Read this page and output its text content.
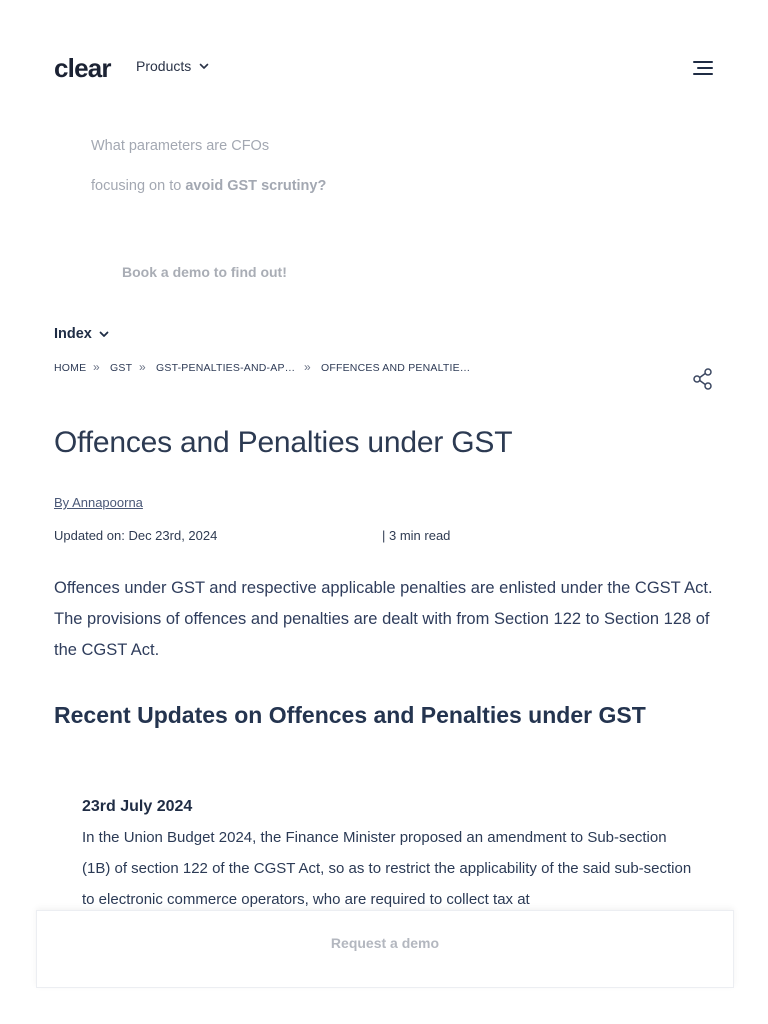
clear Products
What parameters are CFOs
focusing on to avoid GST scrutiny?
Book a demo to find out!
Index
HOME » GST » GST-PENALTIES-AND-AP… » OFFENCES AND PENALTIE…
Offences and Penalties under GST
By Annapoorna
Updated on: Dec 23rd, 2024	| 3 min read

Offences under GST and respective applicable penalties are enlisted under the CGST Act. The provisions of offences and penalties are dealt with from Section 122 to Section 128 of the CGST Act.

Recent Updates on Offences and Penalties under GST

23rd July 2024

In the Union Budget 2024, the Finance Minister proposed an amendment to Sub-section (1B) of section 122 of the CGST Act, so as to restrict the applicability of the said sub-section to electronic commerce operators, who are required to collect tax at

Request a demo
